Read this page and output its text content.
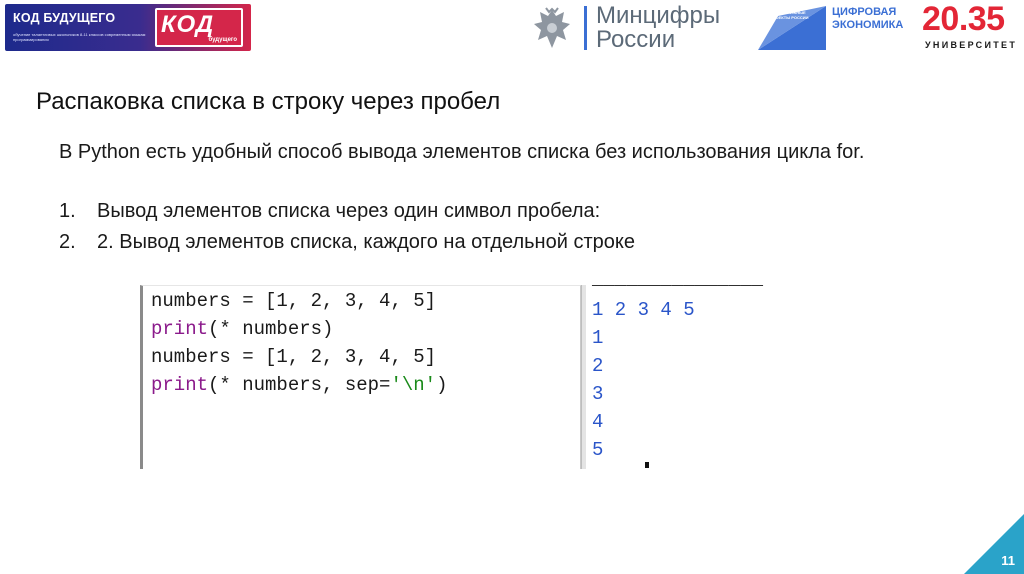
КОД БУДУЩЕГО
обучение талантливых школьников 8-11 классов современным языкам программирования
КОД
будущего
Минцифры
России
НАЦИОНАЛЬНЫЕ ПРОЕКТЫ РОССИИ ЦИФРОВАЯ
ЭКОНОМИКА 20.35
УНИВЕРСИТЕТ
Распаковка списка в строку через пробел
В Python есть удобный способ вывода элементов списка без использования цикла for.
1. Вывод элементов списка через один символ пробела:
2. 2. Вывод элементов списка, каждого на отдельной строке
numbers = [1, 2, 3, 4, 5]
print(* numbers)
numbers = [1, 2, 3, 4, 5]
print(* numbers, sep='\n')
_______________
1 2 3 4 5
1
2
3
4
5
11
